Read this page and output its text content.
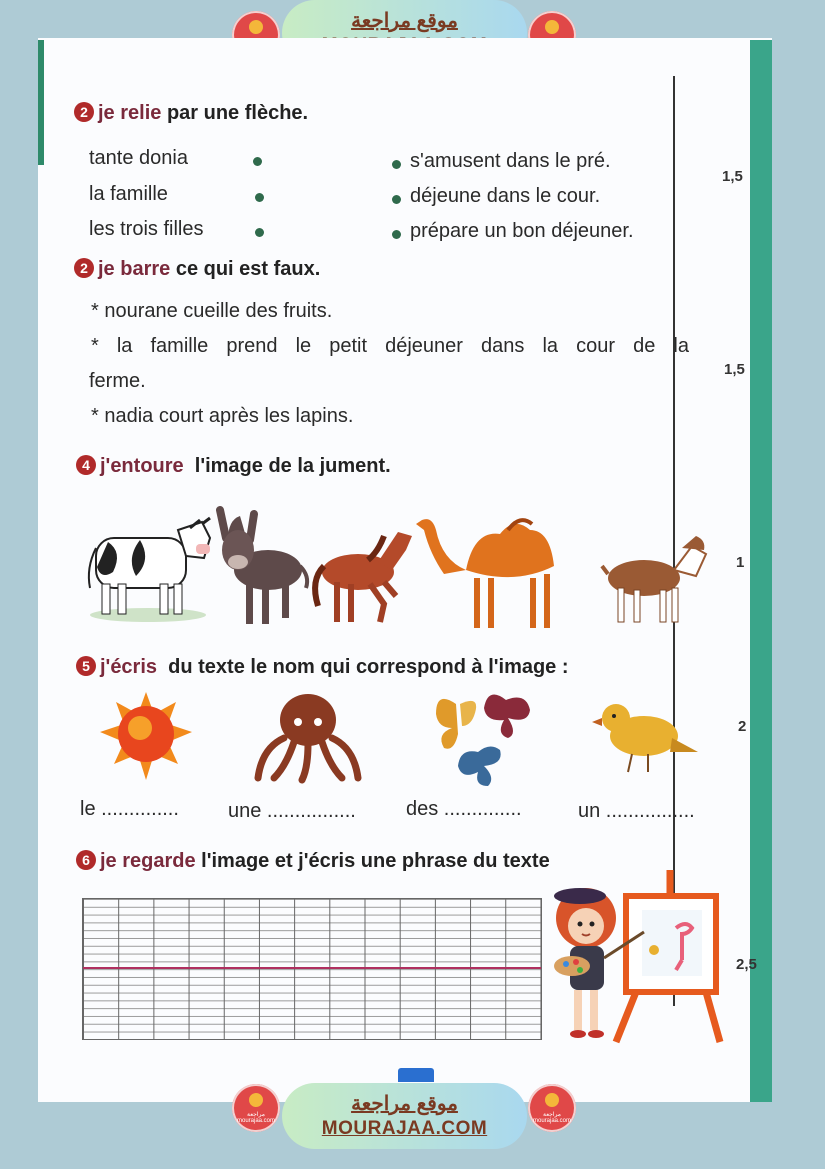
موقع مراجعة
2 je relie par une flèche.
tante donia
la famille
les trois filles
s'amusent dans le pré.
déjeune dans le cour.
prépare un bon déjeuner.
1,5
2 je barre ce qui est faux.
* nourane cueille des fruits.
* la famille prend le petit déjeuner dans la cour de la
ferme.
* nadia court après les lapins.
1,5
4 j'entoure  l'image de la jument.
1
5 j'écris  du texte le nom qui correspond à l'image :
le .............. une ................	des ..............	un ................
2
6 je regarde l'image et j'écris une phrase du texte
2,5
مراجعة mourajaa.com
موقع مراجعة
MOURAJAA.COM
مراجعة mourajaa.com
